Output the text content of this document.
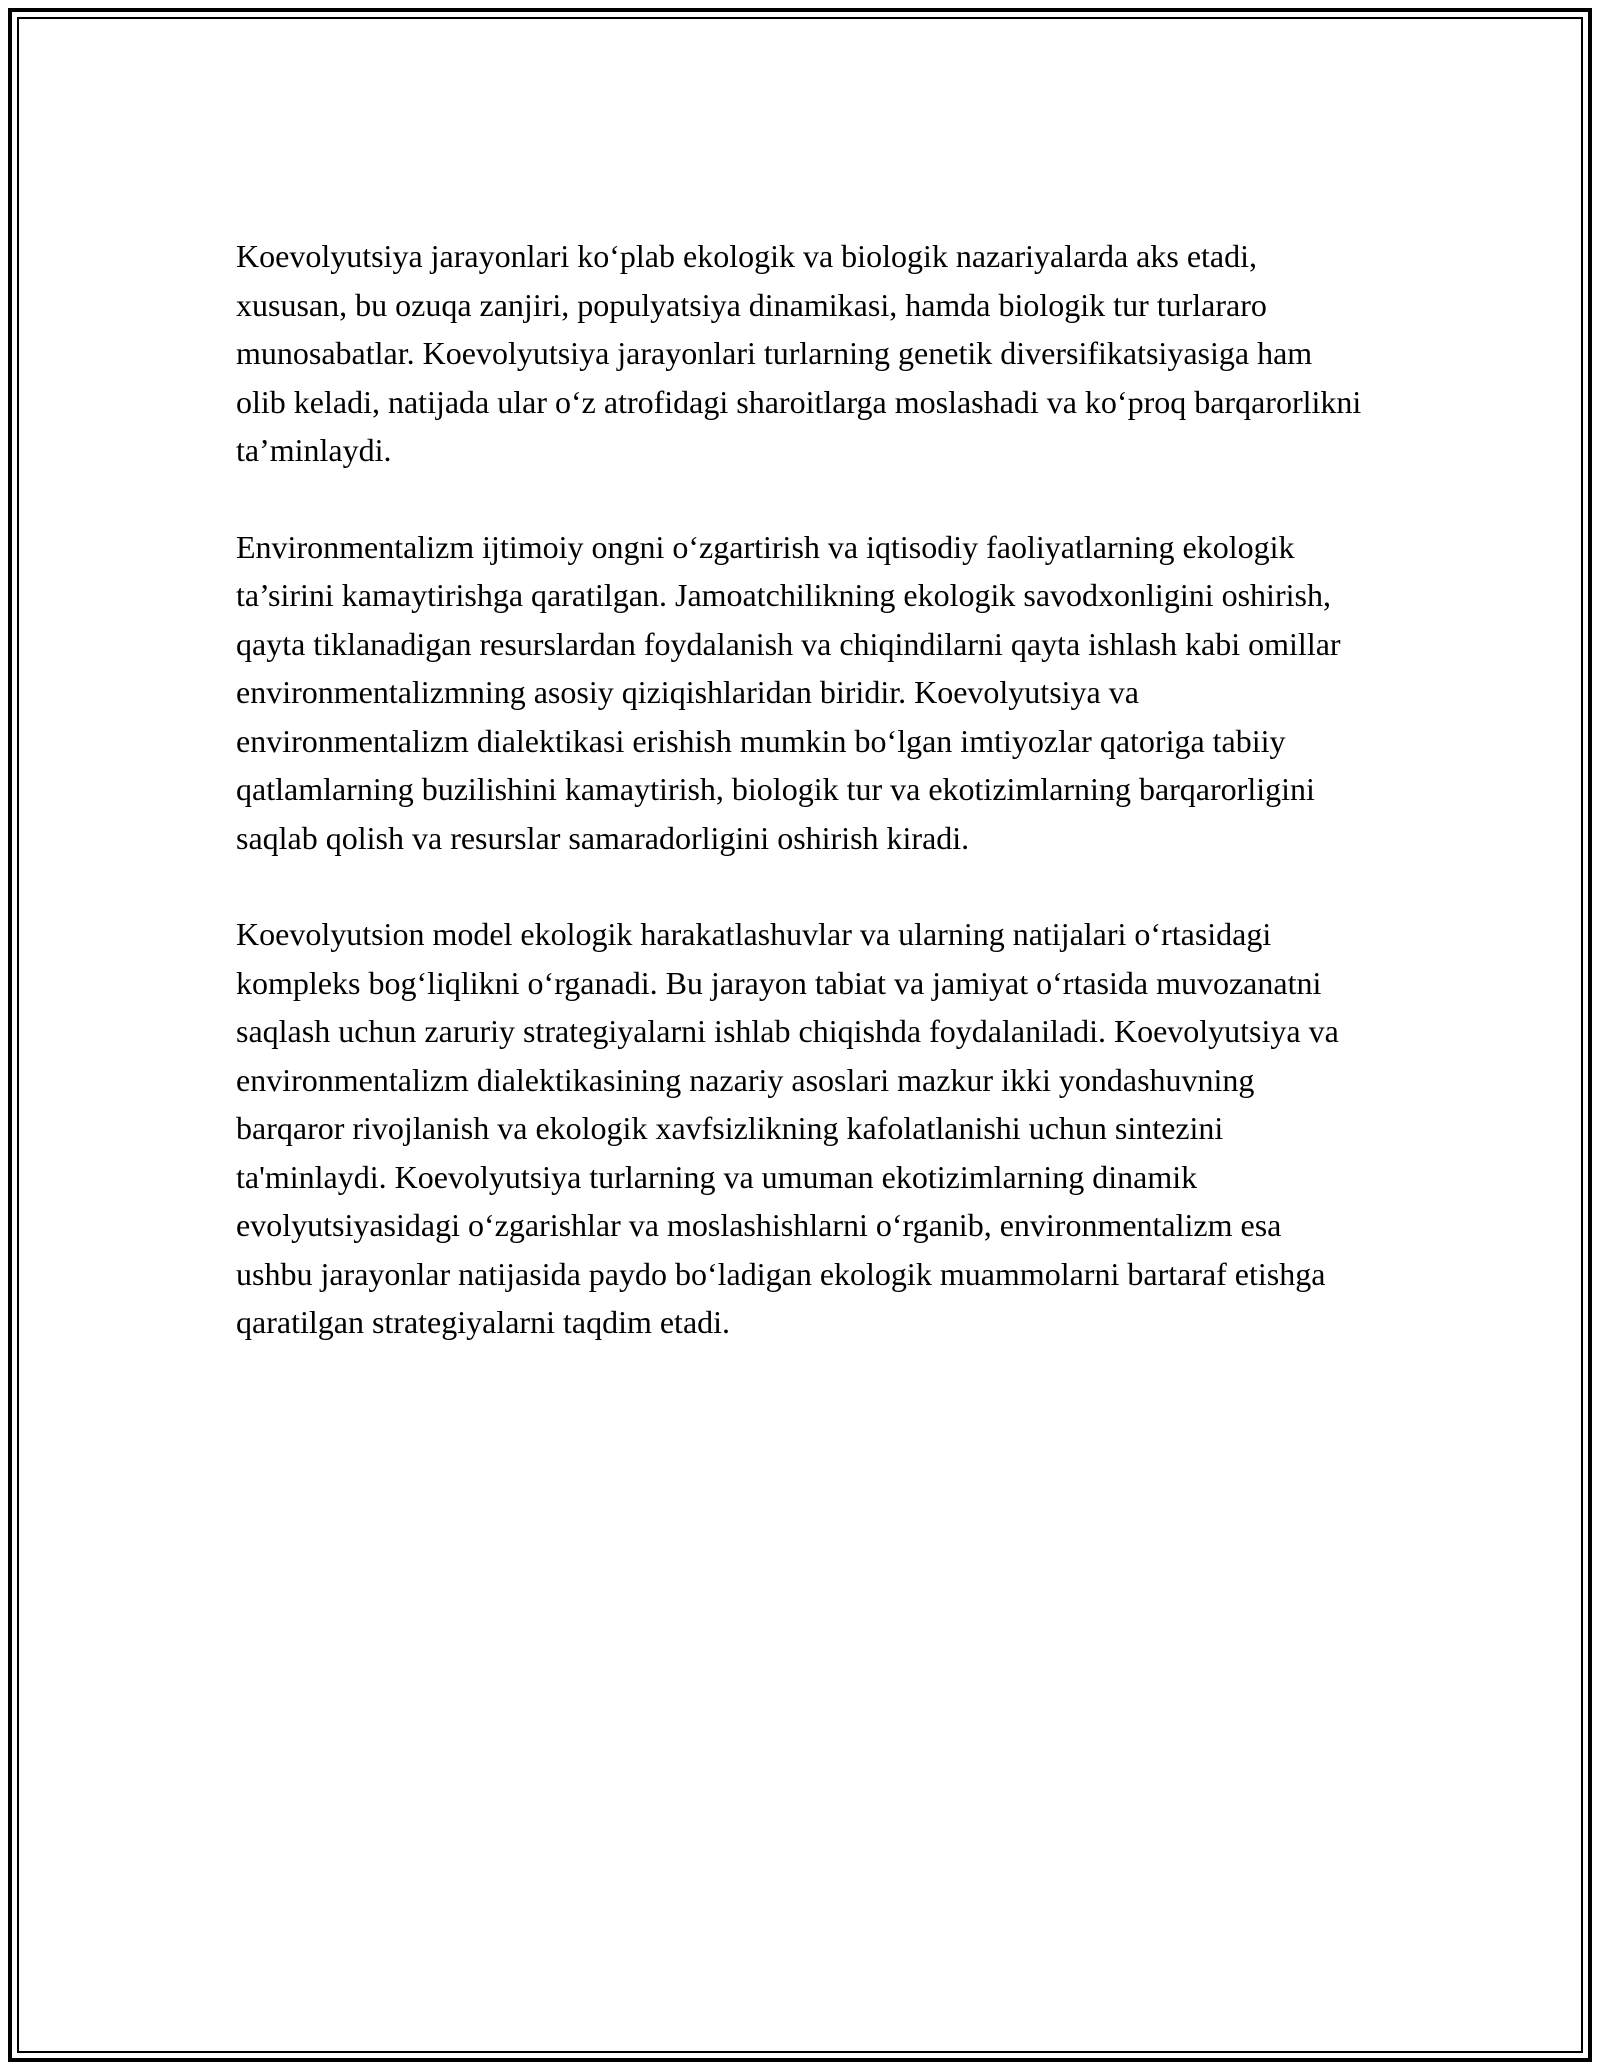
Koevolyutsiya jarayonlari ko‘plab ekologik va biologik nazariyalarda aks etadi, xususan, bu ozuqa zanjiri, populyatsiya dinamikasi, hamda biologik tur turlararo munosabatlar. Koevolyutsiya jarayonlari turlarning genetik diversifikatsiyasiga ham olib keladi, natijada ular o‘z atrofidagi sharoitlarga moslashadi va ko‘proq barqarorlikni ta’minlaydi.

Environmentalizm ijtimoiy ongni o‘zgartirish va iqtisodiy faoliyatlarning ekologik ta’sirini kamaytirishga qaratilgan. Jamoatchilikning ekologik savodxonligini oshirish, qayta tiklanadigan resurslardan foydalanish va chiqindilarni qayta ishlash kabi omillar environmentalizmning asosiy qiziqishlaridan biridir. Koevolyutsiya va environmentalizm dialektikasi erishish mumkin bo‘lgan imtiyozlar qatoriga tabiiy qatlamlarning buzilishini kamaytirish, biologik tur va ekotizimlarning barqarorligini saqlab qolish va resurslar samaradorligini oshirish kiradi.

Koevolyutsion model ekologik harakatlashuvlar va ularning natijalari o‘rtasidagi kompleks bog‘liqlikni o‘rganadi. Bu jarayon tabiat va jamiyat o‘rtasida muvozanatni saqlash uchun zaruriy strategiyalarni ishlab chiqishda foydalaniladi. Koevolyutsiya va environmentalizm dialektikasining nazariy asoslari mazkur ikki yondashuvning barqaror rivojlanish va ekologik xavfsizlikning kafolatlanishi uchun sintezini ta'minlaydi. Koevolyutsiya turlarning va umuman ekotizimlarning dinamik evolyutsiyasidagi o‘zgarishlar va moslashishlarni o‘rganib, environmentalizm esa ushbu jarayonlar natijasida paydo bo‘ladigan ekologik muammolarni bartaraf etishga qaratilgan strategiyalarni taqdim etadi.
